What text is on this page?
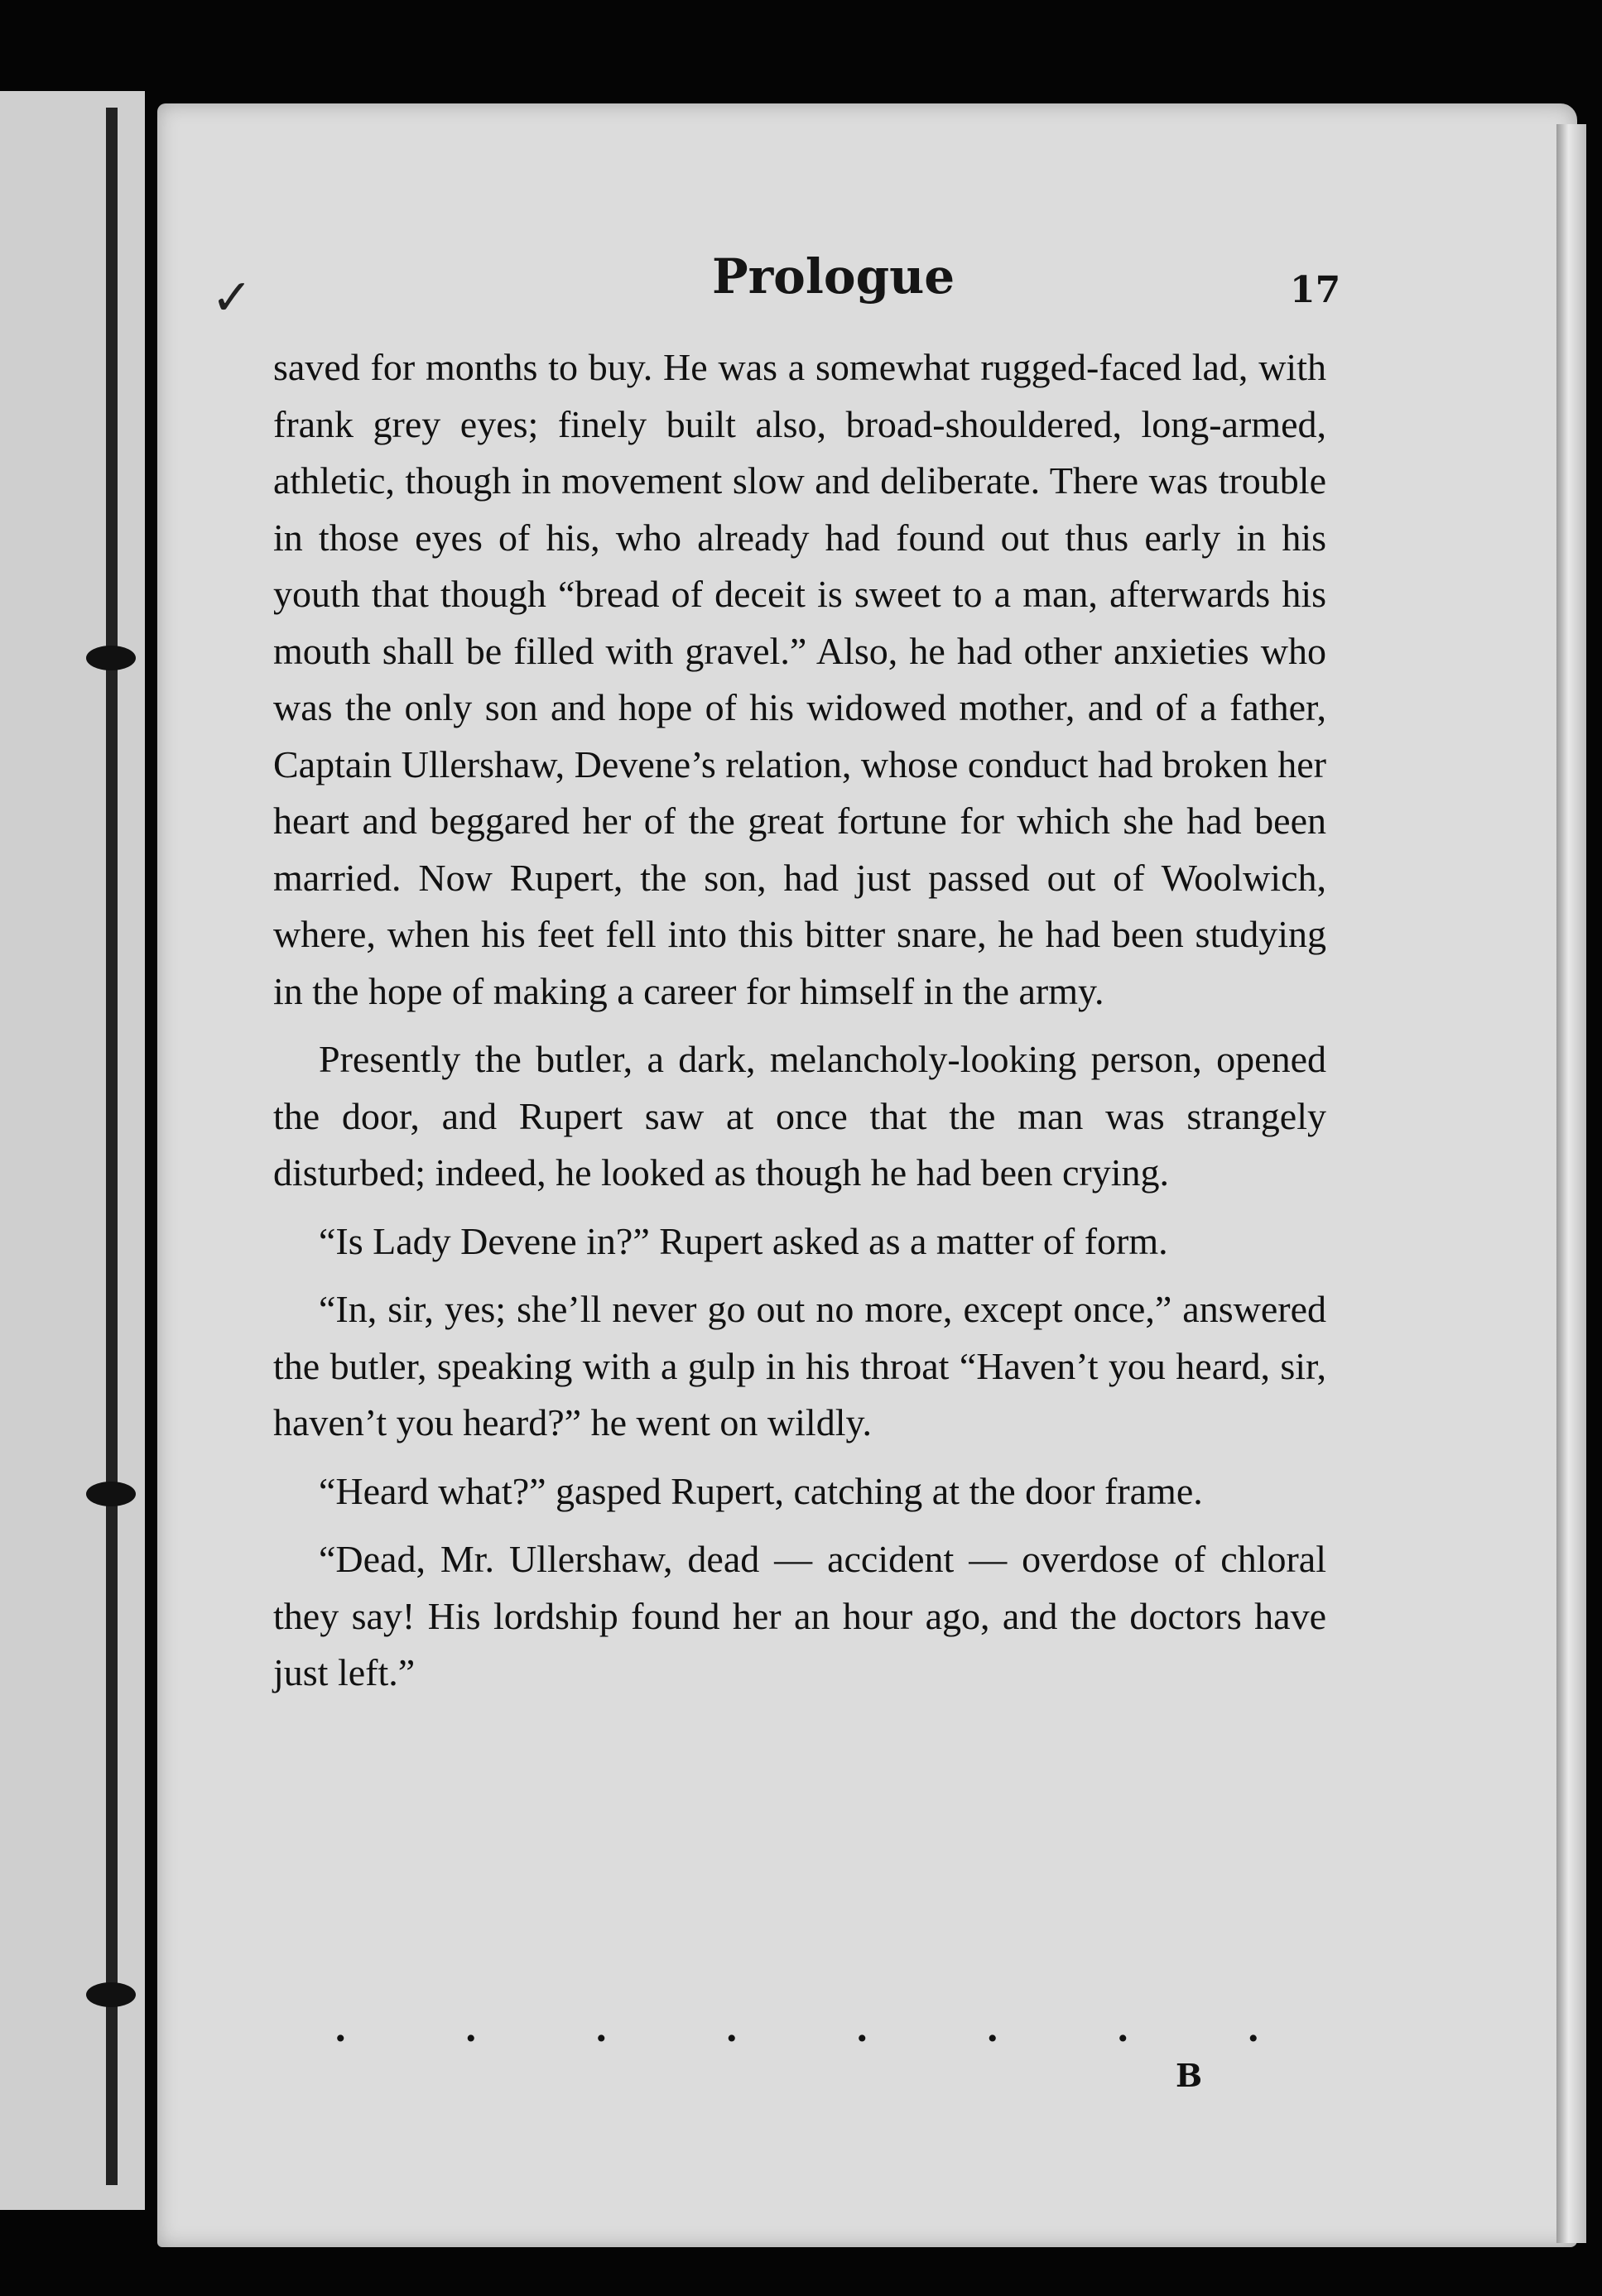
✓	Prologue	17

saved for months to buy. He was a somewhat rugged-faced lad, with frank grey eyes; finely built also, broad-shouldered, long-armed, athletic, though in movement slow and deliberate. There was trouble in those eyes of his, who already had found out thus early in his youth that though “bread of deceit is sweet to a man, afterwards his mouth shall be filled with gravel.” Also, he had other anxieties who was the only son and hope of his widowed mother, and of a father, Captain Ullershaw, Devene’s relation, whose conduct had broken her heart and beggared her of the great fortune for which she had been married. Now Rupert, the son, had just passed out of Woolwich, where, when his feet fell into this bitter snare, he had been studying in the hope of making a career for himself in the army.

Presently the butler, a dark, melancholy-looking person, opened the door, and Rupert saw at once that the man was strangely disturbed; indeed, he looked as though he had been crying.

“Is Lady Devene in?” Rupert asked as a matter of form.

“In, sir, yes; she’ll never go out no more, except once,” answered the butler, speaking with a gulp in his throat “Haven’t you heard, sir, haven’t you heard?” he went on wildly.

“Heard what?” gasped Rupert, catching at the door frame.

“Dead, Mr. Ullershaw, dead — accident — overdose of chloral they say! His lordship found her an hour ago, and the doctors have just left.”

.	.	.	.	.	.	.	.
B
